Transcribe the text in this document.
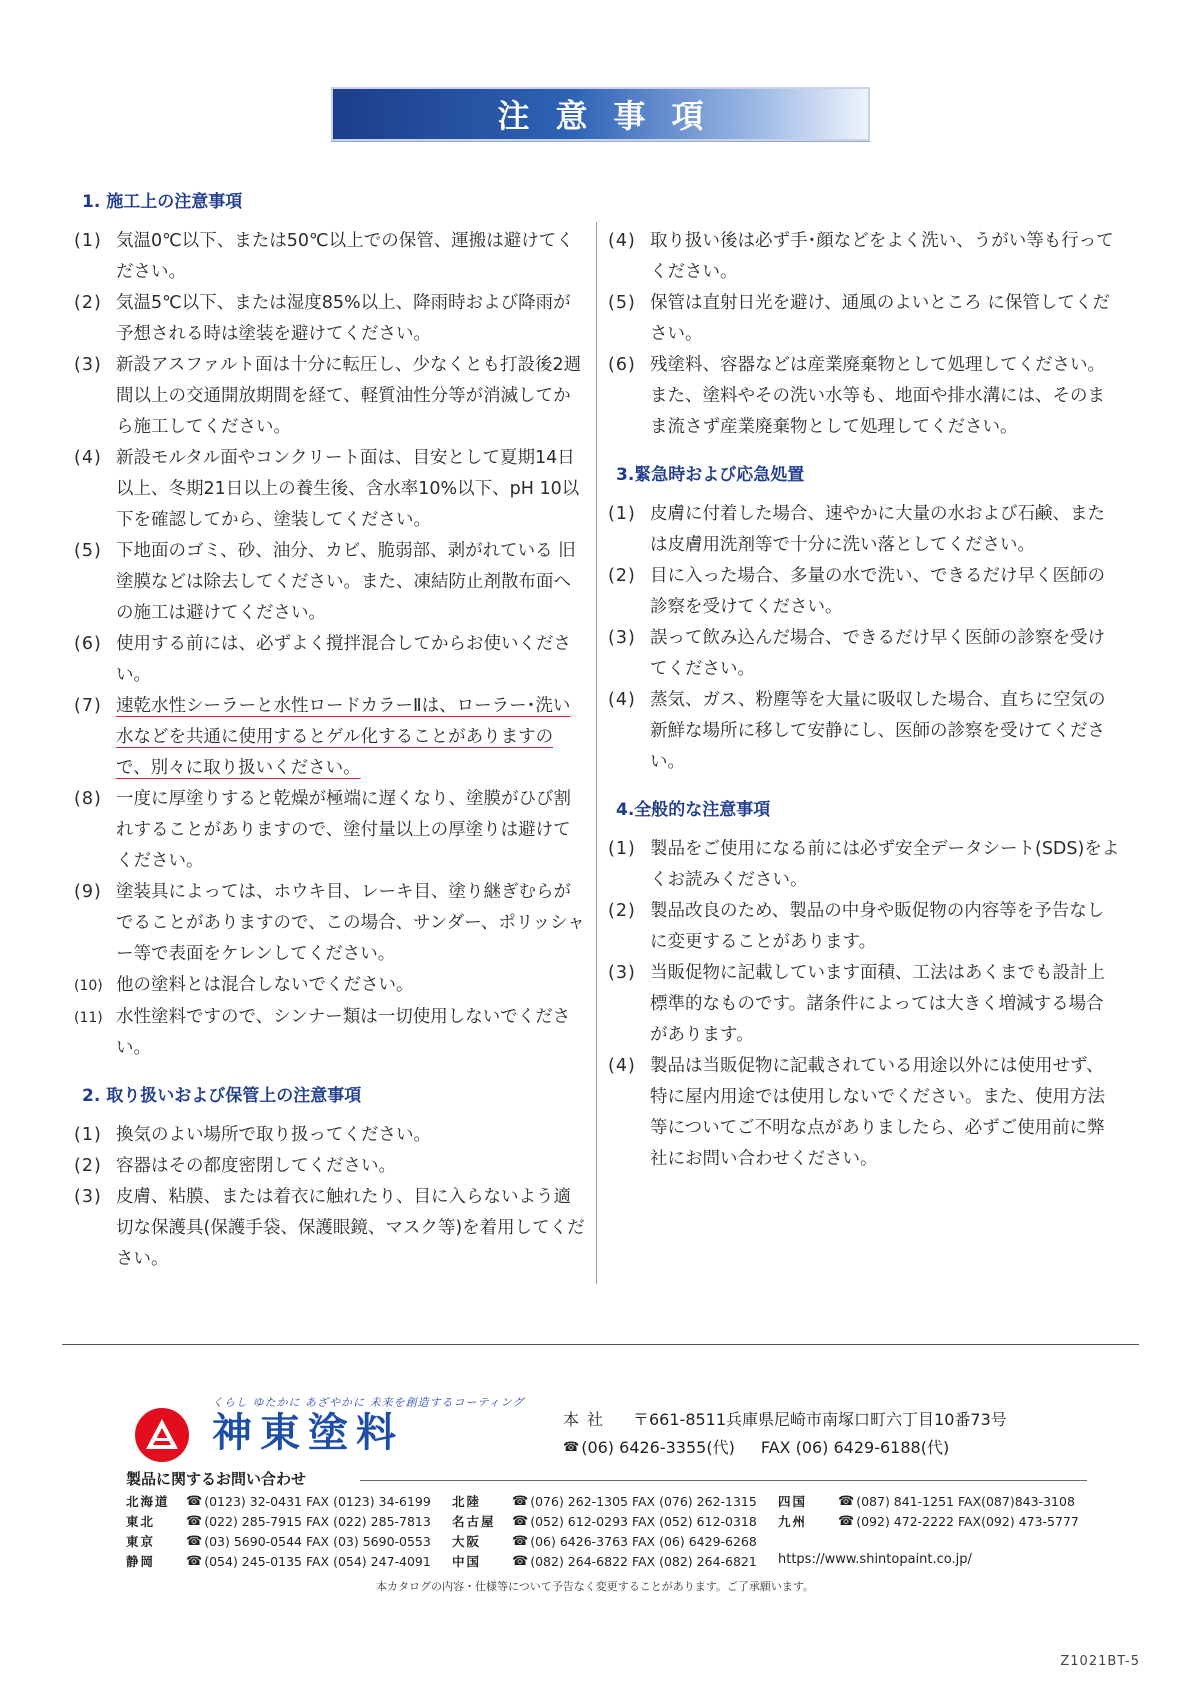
注意事項
1. 施工上の注意事項
(1) 気温0℃以下、または50℃以上での保管、運搬は避けてください。
(2) 気温5℃以下、または湿度85%以上、降雨時および降雨が予想される時は塗装を避けてください。
(3) 新設アスファルト面は十分に転圧し、少なくとも打設後2週間以上の交通開放期間を経て、軽質油性分等が消滅してから施工してください。
(4) 新設モルタル面やコンクリート面は、目安として夏期14日以上、冬期21日以上の養生後、含水率10%以下、pH 10以下を確認してから、塗装してください。
(5) 下地面のゴミ、砂、油分、カビ、脆弱部、剥がれている 旧塗膜などは除去してください。また、凍結防止剤散布面への施工は避けてください。
(6) 使用する前には、必ずよく撹拌混合してからお使いください。
(7) 速乾水性シーラーと水性ロードカラーⅡは、ローラー･洗い水などを共通に使用するとゲル化することがありますので、別々に取り扱いください。
(8) 一度に厚塗りすると乾燥が極端に遅くなり、塗膜がひび割れすることがありますので、塗付量以上の厚塗りは避けてください。
(9) 塗装具によっては、ホウキ目、レーキ目、塗り継ぎむらがでることがありますので、この場合、サンダー、ポリッシャー等で表面をケレンしてください。
(10) 他の塗料とは混合しないでください。
(11) 水性塗料ですので、シンナー類は一切使用しないでください。
2. 取り扱いおよび保管上の注意事項
(1) 換気のよい場所で取り扱ってください。
(2) 容器はその都度密閉してください。
(3) 皮膚、粘膜、または着衣に触れたり、目に入らないよう適切な保護具(保護手袋、保護眼鏡、マスク等)を着用してください。
(4) 取り扱い後は必ず手･顔などをよく洗い、うがい等も行ってください。
(5) 保管は直射日光を避け、通風のよいところ に保管してください。
(6) 残塗料、容器などは産業廃棄物として処理してください。また、塗料やその洗い水等も、地面や排水溝には、そのまま流さず産業廃棄物として処理してください。
3.緊急時および応急処置
(1) 皮膚に付着した場合、速やかに大量の水および石鹸、または皮膚用洗剤等で十分に洗い落としてください。
(2) 目に入った場合、多量の水で洗い、できるだけ早く医師の診察を受けてください。
(3) 誤って飲み込んだ場合、できるだけ早く医師の診察を受けてください。
(4) 蒸気、ガス、粉塵等を大量に吸収した場合、直ちに空気の新鮮な場所に移して安静にし、医師の診察を受けてください。
4.全般的な注意事項
(1) 製品をご使用になる前には必ず安全データシート(SDS)をよくお読みください。
(2) 製品改良のため、製品の中身や販促物の内容等を予告なしに変更することがあります。
(3) 当販促物に記載しています面積、工法はあくまでも設計上標準的なものです。諸条件によっては大きく増減する場合があります。
(4) 製品は当販促物に記載されている用途以外には使用せず、特に屋内用途では使用しないでください。また、使用方法等についてご不明な点がありましたら、必ずご使用前に弊社にお問い合わせください。
くらし ゆたかに あざやかに 未来を創造するコーティング
神東塗料	本社	〒661-8511兵庫県尼崎市南塚口町六丁目10番73号
☎ (06) 6426-3355(代) FAX (06) 6429-6188(代)
製品に関するお問い合わせ
北海道	☎ (0123) 32-0431 FAX (0123) 34-6199
東北	☎ (022) 285-7915 FAX (022) 285-7813
東京	☎ (03) 5690-0544 FAX (03) 5690-0553
静岡	☎ (054) 245-0135 FAX (054) 247-4091
北陸	☎ (076) 262-1305 FAX (076) 262-1315
名古屋	☎ (052) 612-0293 FAX (052) 612-0318
大阪	☎ (06) 6426-3763 FAX (06) 6429-6268
中国	☎ (082) 264-6822 FAX (082) 264-6821
四国	☎ (087) 841-1251 FAX(087)843-3108
九州	☎ (092) 472-2222 FAX(092) 473-5777
https://www.shintopaint.co.jp/
本カタログの内容・仕様等について予告なく変更することがあります。ご了承願います。
Z1021BT-5
